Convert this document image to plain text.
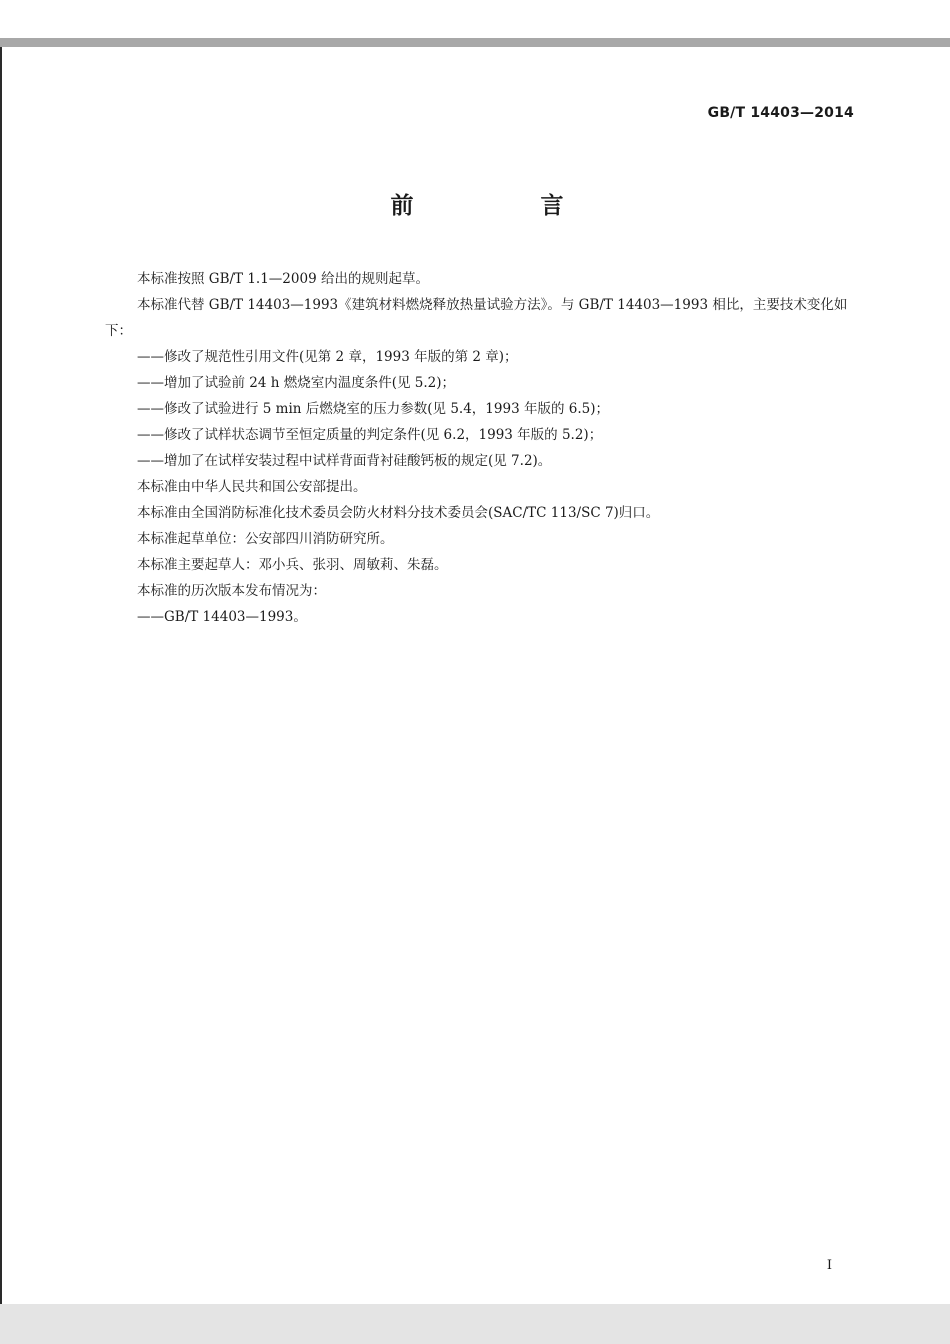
GB/T 14403—2014
前　言
本标准按照 GB/T 1.1—2009 给出的规则起草。
本标准代替 GB/T 14403—1993《建筑材料燃烧释放热量试验方法》。与 GB/T 14403—1993 相比，主要技术变化如下：
——修改了规范性引用文件(见第 2 章，1993 年版的第 2 章)；
——增加了试验前 24 h 燃烧室内温度条件(见 5.2)；
——修改了试验进行 5 min 后燃烧室的压力参数(见 5.4，1993 年版的 6.5)；
——修改了试样状态调节至恒定质量的判定条件(见 6.2，1993 年版的 5.2)；
——增加了在试样安装过程中试样背面背衬硅酸钙板的规定(见 7.2)。
本标准由中华人民共和国公安部提出。
本标准由全国消防标准化技术委员会防火材料分技术委员会(SAC/TC 113/SC 7)归口。
本标准起草单位：公安部四川消防研究所。
本标准主要起草人：邓小兵、张羽、周敏莉、朱磊。
本标准的历次版本发布情况为：
——GB/T 14403—1993。
I
